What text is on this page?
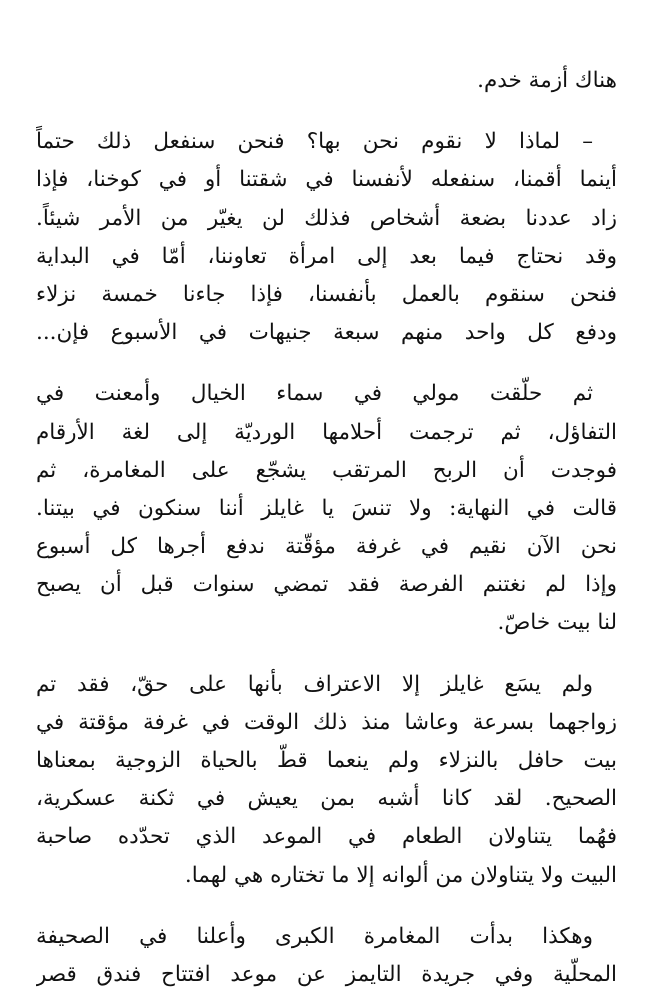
هناك أزمة خدم.

– لماذا لا نقوم نحن بها؟ فنحن سنفعل ذلك حتماً
أينما أقمنا، سنفعله لأنفسنا في شقتنا أو في كوخنا، فإذا
زاد عددنا بضعة أشخاص فذلك لن يغيّر من الأمر شيئاً.
وقد نحتاج فيما بعد إلى امرأة تعاوننا، أمّا في البداية
فنحن سنقوم بالعمل بأنفسنا، فإذا جاءنا خمسة نزلاء
ودفع كل واحد منهم سبعة جنيهات في الأسبوع فإن...

ثم حلّقت مولي في سماء الخيال وأمعنت في
التفاؤل، ثم ترجمت أحلامها الورديّة إلى لغة الأرقام
فوجدت أن الربح المرتقب يشجّع على المغامرة، ثم
قالت في النهاية: ولا تنسَ يا غايلز أننا سنكون في بيتنا.
نحن الآن نقيم في غرفة مؤقّتة ندفع أجرها كل أسبوع
وإذا لم نغتنم الفرصة فقد تمضي سنوات قبل أن يصبح
لنا بيت خاصّ.

ولم يسَع غايلز إلا الاعتراف بأنها على حقّ، فقد تم
زواجهما بسرعة وعاشا منذ ذلك الوقت في غرفة مؤقتة في
بيت حافل بالنزلاء ولم ينعما قطّ بالحياة الزوجية بمعناها
الصحيح. لقد كانا أشبه بمن يعيش في ثكنة عسكرية،
فهُما يتناولان الطعام في الموعد الذي تحدّده صاحبة
البيت ولا يتناولان من ألوانه إلا ما تختاره هي لهما.

وهكذا بدأت المغامرة الكبرى وأعلنا في الصحيفة
المحلّية وفي جريدة التايمز عن موعد افتتاح فندق قصر
